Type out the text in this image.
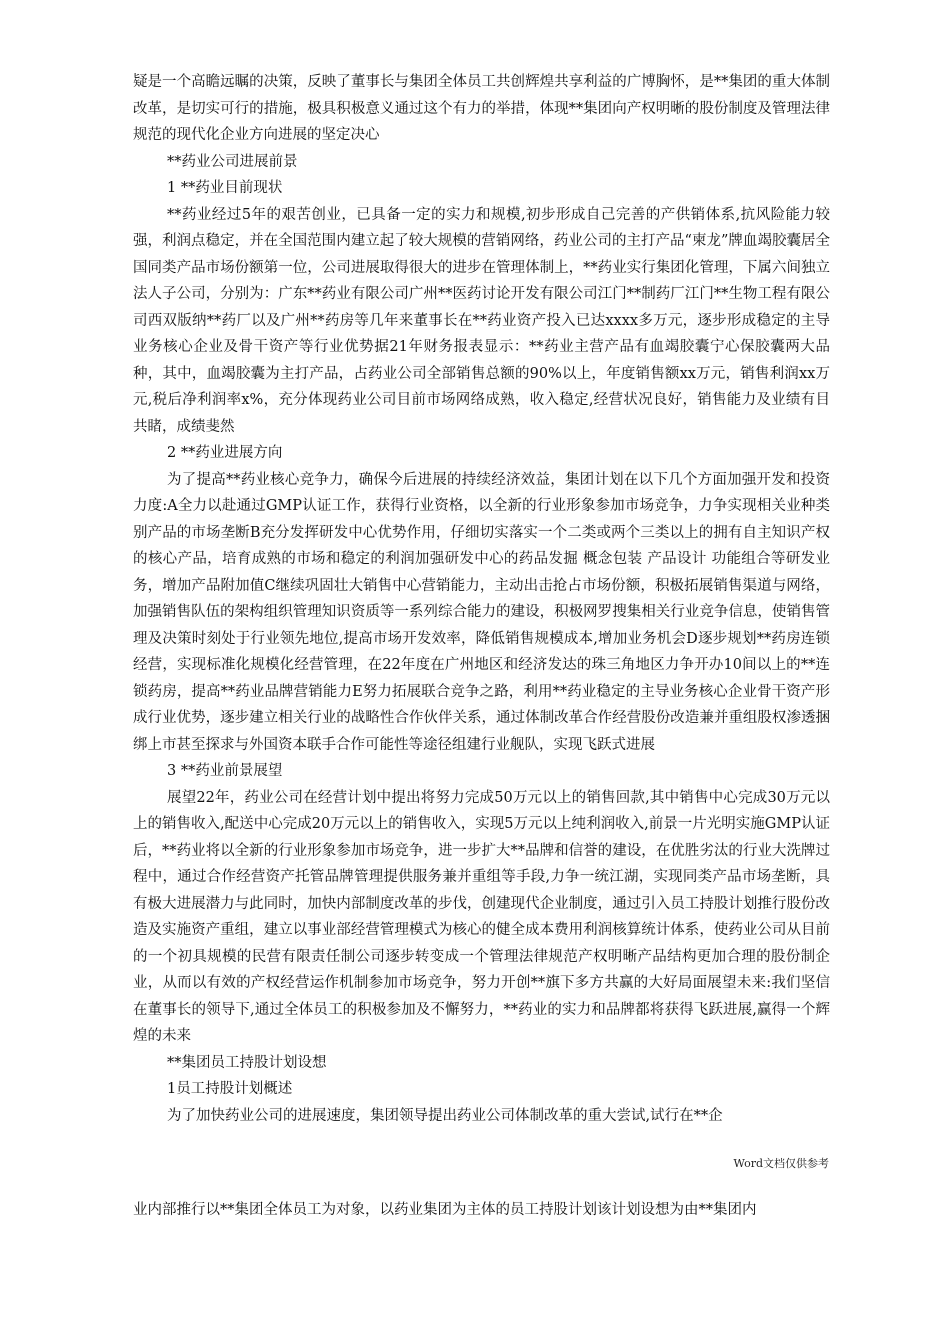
疑是一个高瞻远瞩的决策，反映了董事长与集团全体员工共创辉煌共享利益的广博胸怀，是**集团的重大体制改革，是切实可行的措施，极具积极意义通过这个有力的举措，体现**集团向产权明晰的股份制度及管理法律规范的现代化企业方向进展的坚定决心

**药业公司进展前景

1 **药业目前现状

**药业经过5年的艰苦创业，已具备一定的实力和规模,初步形成自己完善的产供销体系,抗风险能力较强，利润点稳定，并在全国范围内建立起了较大规模的营销网络，药业公司的主打产品“柬龙”牌血竭胶囊居全国同类产品市场份额第一位，公司进展取得很大的进步在管理体制上，**药业实行集团化管理，下属六间独立法人子公司，分别为：广东**药业有限公司广州**医药讨论开发有限公司江门**制药厂江门**生物工程有限公司西双版纳**药厂以及广州**药房等几年来董事长在**药业资产投入已达xxxx多万元，逐步形成稳定的主导业务核心企业及骨干资产等行业优势据21年财务报表显示：**药业主营产品有血竭胶囊宁心保胶囊两大品种，其中，血竭胶囊为主打产品，占药业公司全部销售总额的90%以上，年度销售额xx万元，销售利润xx万元,税后净利润率x%，充分体现药业公司目前市场网络成熟，收入稳定,经营状况良好，销售能力及业绩有目共睹，成绩斐然

2 **药业进展方向

为了提高**药业核心竞争力，确保今后进展的持续经济效益，集团计划在以下几个方面加强开发和投资力度:A全力以赴通过GMP认证工作，获得行业资格，以全新的行业形象参加市场竞争，力争实现相关业种类别产品的市场垄断B充分发挥研发中心优势作用，仔细切实落实一个二类或两个三类以上的拥有自主知识产权的核心产品，培育成熟的市场和稳定的利润加强研发中心的药品发掘 概念包装 产品设计 功能组合等研发业务，增加产品附加值C继续巩固壮大销售中心营销能力，主动出击抢占市场份额，积极拓展销售渠道与网络，加强销售队伍的架构组织管理知识资质等一系列综合能力的建设，积极网罗搜集相关行业竞争信息，使销售管理及决策时刻处于行业领先地位,提高市场开发效率，降低销售规模成本,增加业务机会D逐步规划**药房连锁经营，实现标准化规模化经营管理，在22年度在广州地区和经济发达的珠三角地区力争开办10间以上的**连锁药房，提高**药业品牌营销能力E努力拓展联合竞争之路，利用**药业稳定的主导业务核心企业骨干资产形成行业优势，逐步建立相关行业的战略性合作伙伴关系，通过体制改革合作经营股份改造兼并重组股权渗透捆绑上市甚至探求与外国资本联手合作可能性等途径组建行业舰队，实现飞跃式进展

3 **药业前景展望

展望22年，药业公司在经营计划中提出将努力完成50万元以上的销售回款,其中销售中心完成30万元以上的销售收入,配送中心完成20万元以上的销售收入，实现5万元以上纯利润收入,前景一片光明实施GMP认证后，**药业将以全新的行业形象参加市场竞争，进一步扩大**品牌和信誉的建设，在优胜劣汰的行业大洗牌过程中，通过合作经营资产托管品牌管理提供服务兼并重组等手段,力争一统江湖，实现同类产品市场垄断，具有极大进展潜力与此同时，加快内部制度改革的步伐，创建现代企业制度，通过引入员工持股计划推行股份改造及实施资产重组，建立以事业部经营管理模式为核心的健全成本费用利润核算统计体系，使药业公司从目前的一个初具规模的民营有限责任制公司逐步转变成一个管理法律规范产权明晰产品结构更加合理的股份制企业，从而以有效的产权经营运作机制参加市场竞争，努力开创**旗下多方共赢的大好局面展望未来:我们坚信在董事长的领导下,通过全体员工的积极参加及不懈努力，**药业的实力和品牌都将获得飞跃进展,赢得一个辉煌的未来

**集团员工持股计划设想

1员工持股计划概述

为了加快药业公司的进展速度，集团领导提出药业公司体制改革的重大尝试,试行在**企

Word文档仅供参考

业内部推行以**集团全体员工为对象，以药业集团为主体的员工持股计划该计划设想为由**集团内
